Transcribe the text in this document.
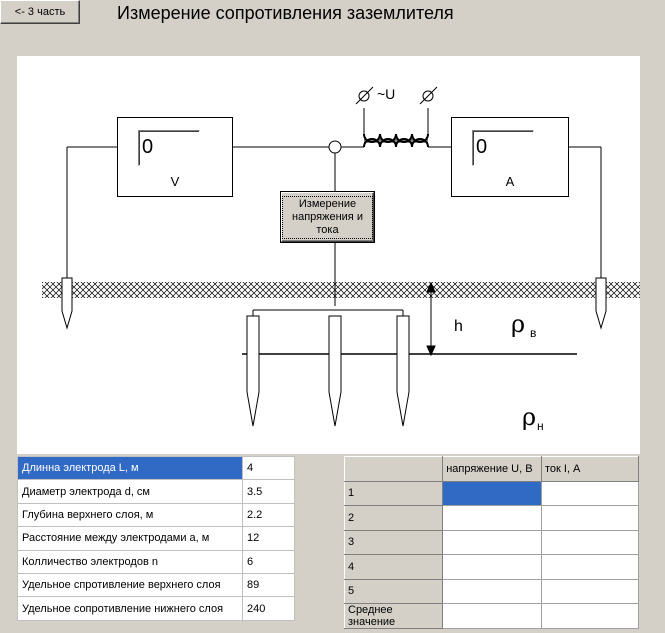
<- 3 часть	Измерение сопротивления заземлителя
0
V
0
A
~U
Измерение напряжения и тока
h ρ в
ρ н
Длинна электрода L, м	4
Диаметр электрода d, см	3.5
Глубина верхнего слоя, м	2.2
Расстояние между электродами a, м	12
Колличество электродов n	6
Удельное спротивление верхнего слоя	89
Удельное сопротивление нижнего слоя	240
	напряжение U, В	ток I, А
1		
2		
3		
4		
5		
Среднее значение		
